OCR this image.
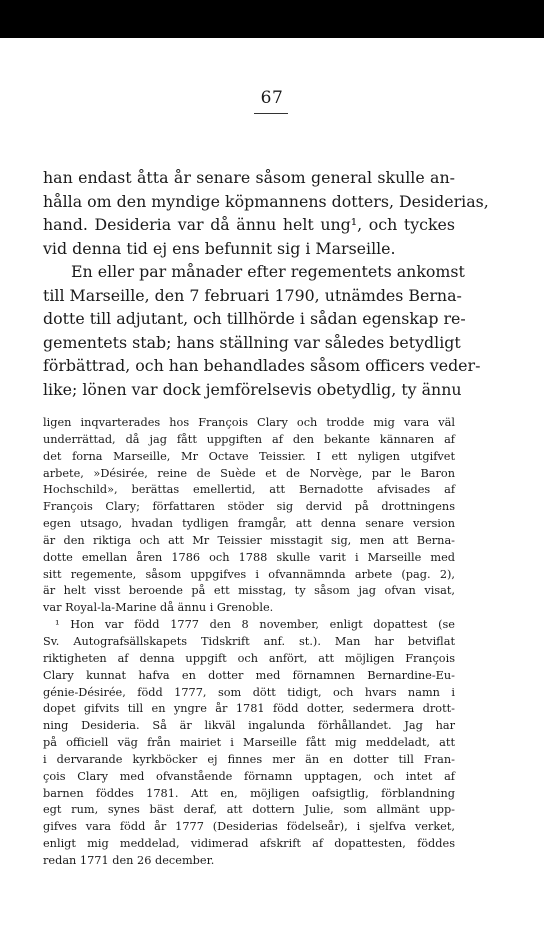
67
han endast åtta år senare såsom general skulle an-
hålla om den myndige köpmannens dotters, Desiderias,
hand. Desideria var då ännu helt ung¹, och tyckes
vid denna tid ej ens befunnit sig i Marseille.
En eller par månader efter regementets ankomst
till Marseille, den 7 februari 1790, utnämdes Berna-
dotte till adjutant, och tillhörde i sådan egenskap re-
gementets stab; hans ställning var således betydligt
förbättrad, och han behandlades såsom officers veder-
like; lönen var dock jemförelsevis obetydlig, ty ännu
ligen inqvarterades hos François Clary och trodde mig vara väl
underrättad, då jag fått uppgiften af den bekante kännaren af
det forna Marseille, Mr Octave Teissier. I ett nyligen utgifvet
arbete, »Désirée, reine de Suède et de Norvège, par le Baron
Hochschild», berättas emellertid, att Bernadotte afvisades af
François Clary; författaren stöder sig dervid på drottningens
egen utsago, hvadan tydligen framgår, att denna senare version
är den riktiga och att Mr Teissier misstagit sig, men att Berna-
dotte emellan åren 1786 och 1788 skulle varit i Marseille med
sitt regemente, såsom uppgifves i ofvannämnda arbete (pag. 2),
är helt visst beroende på ett misstag, ty såsom jag ofvan visat,
var Royal-la-Marine då ännu i Grenoble.
¹ Hon var född 1777 den 8 november, enligt dopattest (se
Sv. Autografsällskapets Tidskrift anf. st.). Man har betviflat
riktigheten af denna uppgift och anfört, att möjligen François
Clary kunnat hafva en dotter med förnamnen Bernardine-Eu-
génie-Désirée, född 1777, som dött tidigt, och hvars namn i
dopet gifvits till en yngre år 1781 född dotter, sedermera drott-
ning Desideria. Så är likväl ingalunda förhållandet. Jag har
på officiell väg från mairiet i Marseille fått mig meddeladt, att
i dervarande kyrkböcker ej finnes mer än en dotter till Fran-
çois Clary med ofvanstående förnamn upptagen, och intet af
barnen föddes 1781. Att en, möjligen oafsigtlig, förblandning
egt rum, synes bäst deraf, att dottern Julie, som allmänt upp-
gifves vara född år 1777 (Desiderias födelseår), i sjelfva verket,
enligt mig meddelad, vidimerad afskrift af dopattesten, föddes
redan 1771 den 26 december.
